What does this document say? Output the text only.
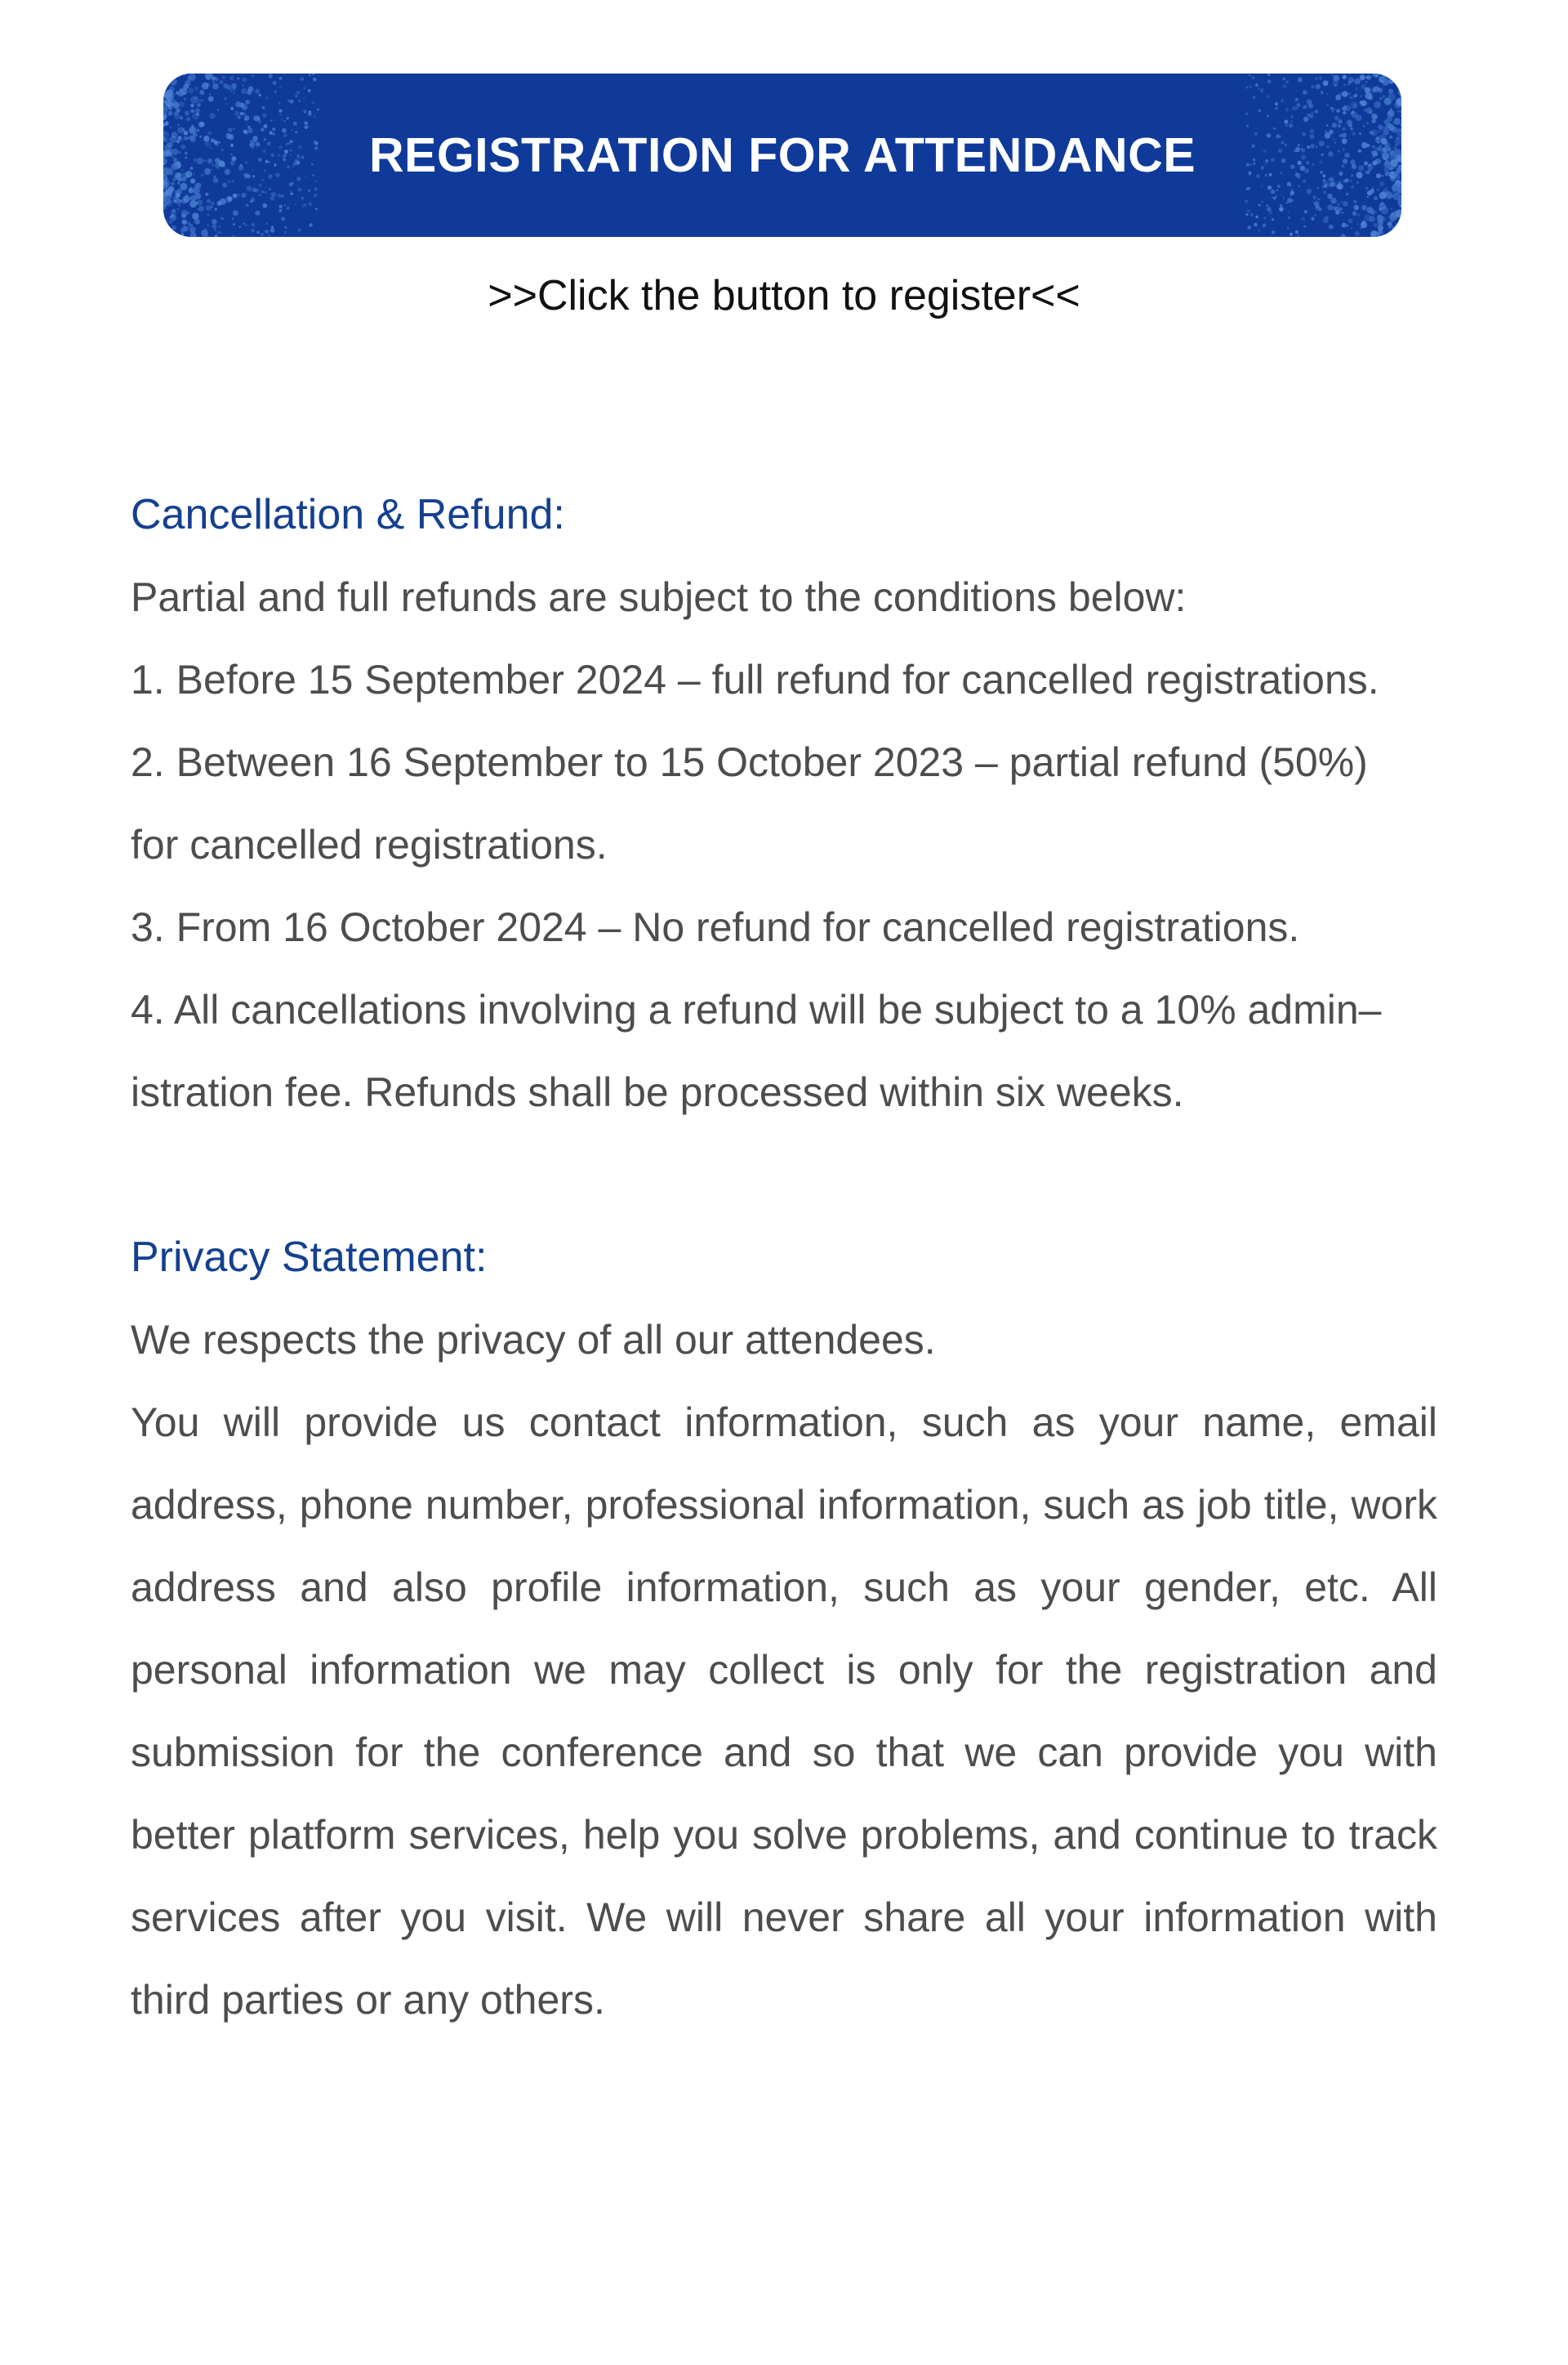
REGISTRATION FOR ATTENDANCE
>>Click the button to register<<
Cancellation & Refund:

Partial and full refunds are subject to the conditions below:

1. Before 15 September 2024 – full refund for cancelled registrations.

2. Between 16 September to 15 October 2023 – partial refund (50%)

for cancelled registrations.

3. From 16 October 2024 – No refund for cancelled registrations.

4. All cancellations involving a refund will be subject to a 10% admin–

istration fee. Refunds shall be processed within six weeks.

Privacy Statement:

We respects the privacy of all our attendees.

You will provide us contact information, such as your name, email address, phone number, professional information, such as job title, work address and also profile information, such as your gender, etc. All personal information we may collect is only for the registration and submission for the conference and so that we can provide you with better platform services, help you solve problems, and continue to track services after you visit. We will never share all your information with third parties or any others.
